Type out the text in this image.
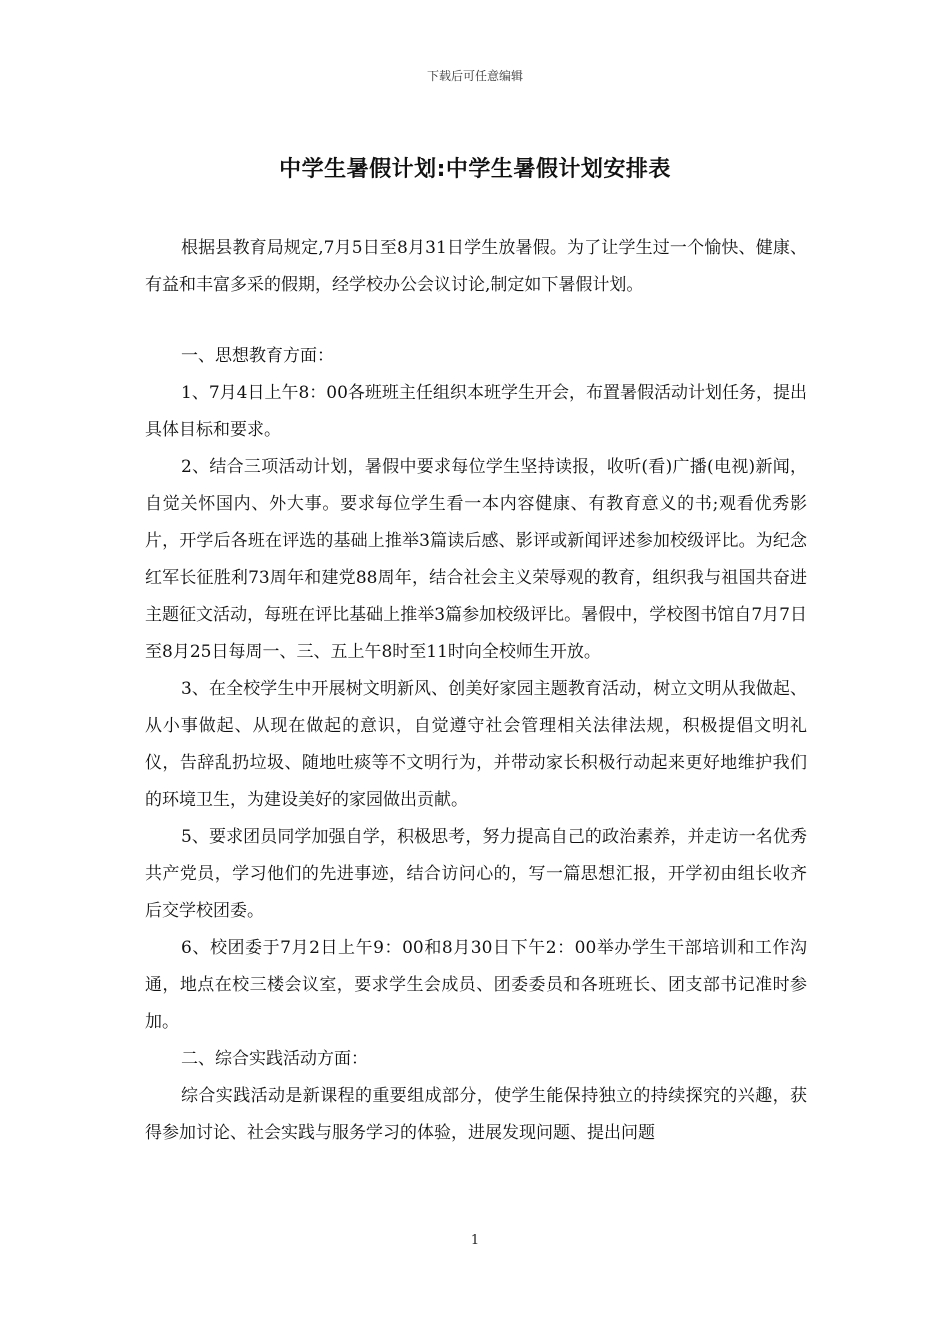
下载后可任意编辑
中学生暑假计划:中学生暑假计划安排表

根据县教育局规定,7月5日至8月31日学生放暑假。为了让学生过一个愉快、健康、有益和丰富多采的假期，经学校办公会议讨论,制定如下暑假计划。

一、思想教育方面：

1、7月4日上午8：00各班班主任组织本班学生开会，布置暑假活动计划任务，提出具体目标和要求。

2、结合三项活动计划，暑假中要求每位学生坚持读报，收听(看)广播(电视)新闻，自觉关怀国内、外大事。要求每位学生看一本内容健康、有教育意义的书;观看优秀影片，开学后各班在评选的基础上推举3篇读后感、影评或新闻评述参加校级评比。为纪念红军长征胜利73周年和建党88周年，结合社会主义荣辱观的教育，组织我与祖国共奋进主题征文活动，每班在评比基础上推举3篇参加校级评比。暑假中，学校图书馆自7月7日至8月25日每周一、三、五上午8时至11时向全校师生开放。

3、在全校学生中开展树文明新风、创美好家园主题教育活动，树立文明从我做起、从小事做起、从现在做起的意识，自觉遵守社会管理相关法律法规，积极提倡文明礼仪，告辞乱扔垃圾、随地吐痰等不文明行为，并带动家长积极行动起来更好地维护我们的环境卫生，为建设美好的家园做出贡献。

5、要求团员同学加强自学，积极思考，努力提高自己的政治素养，并走访一名优秀共产党员，学习他们的先进事迹，结合访问心的，写一篇思想汇报，开学初由组长收齐后交学校团委。

6、校团委于7月2日上午9：00和8月30日下午2：00举办学生干部培训和工作沟通，地点在校三楼会议室，要求学生会成员、团委委员和各班班长、团支部书记准时参加。

二、综合实践活动方面：

综合实践活动是新课程的重要组成部分，使学生能保持独立的持续探究的兴趣，获得参加讨论、社会实践与服务学习的体验，进展发现问题、提出问题

1
